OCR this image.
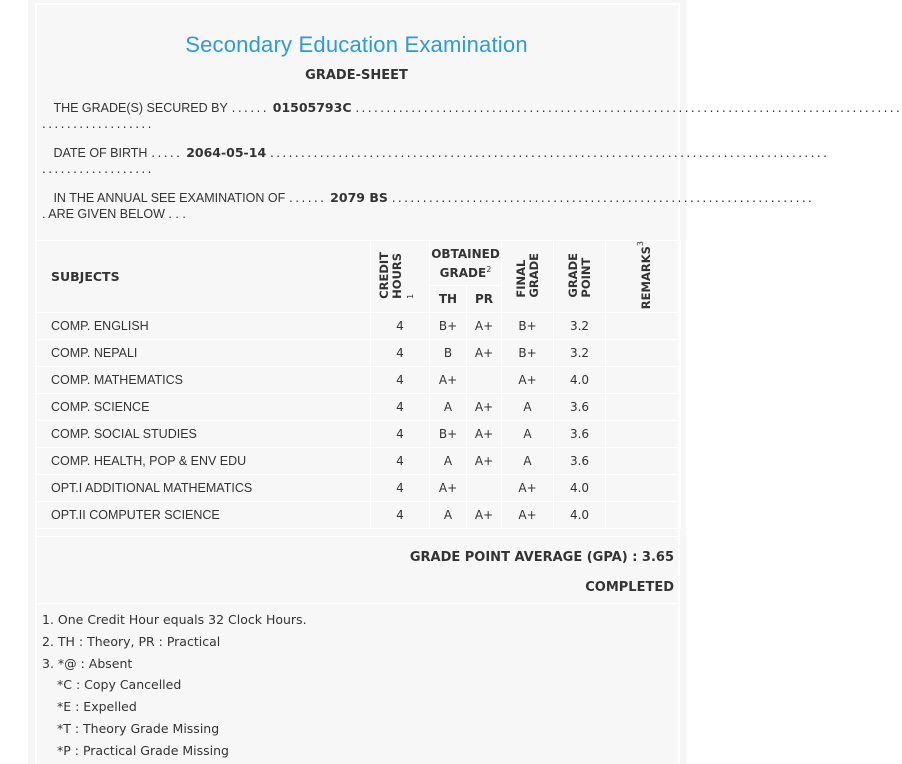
Secondary Education Examination
GRADE-SHEET
THE GRADE(S) SECURED BY ...... 01505793C ........................................................................................
..................
DATE OF BIRTH ..... 2064-05-14 ..........................................................................................
..................
IN THE ANNUAL SEE EXAMINATION OF ...... 2079 BS ....................................................................
. ARE GIVEN BELOW . . .
SUBJECTS	CREDIT HOURS $^1$	OBTAINED GRADE$^2$		FINAL GRADE	GRADE POINT	REMARKS$^3$
		TH	PR			
COMP. ENGLISH	4	B+	A+	B+	3.2	
COMP. NEPALI	4	B	A+	B+	3.2	
COMP. MATHEMATICS	4	A+		A+	4.0	
COMP. SCIENCE	4	A	A+	A	3.6	
COMP. SOCIAL STUDIES	4	B+	A+	A	3.6	
COMP. HEALTH, POP & ENV EDU	4	A	A+	A	3.6	
OPT.I ADDITIONAL MATHEMATICS	4	A+		A+	4.0	
OPT.II COMPUTER SCIENCE	4	A	A+	A+	4.0	
GRADE POINT AVERAGE (GPA) : 3.65
COMPLETED
1. One Credit Hour equals 32 Clock Hours.
2. TH : Theory, PR : Practical
3. *@ : Absent
*C : Copy Cancelled
*E : Expelled
*T : Theory Grade Missing
*P : Practical Grade Missing
